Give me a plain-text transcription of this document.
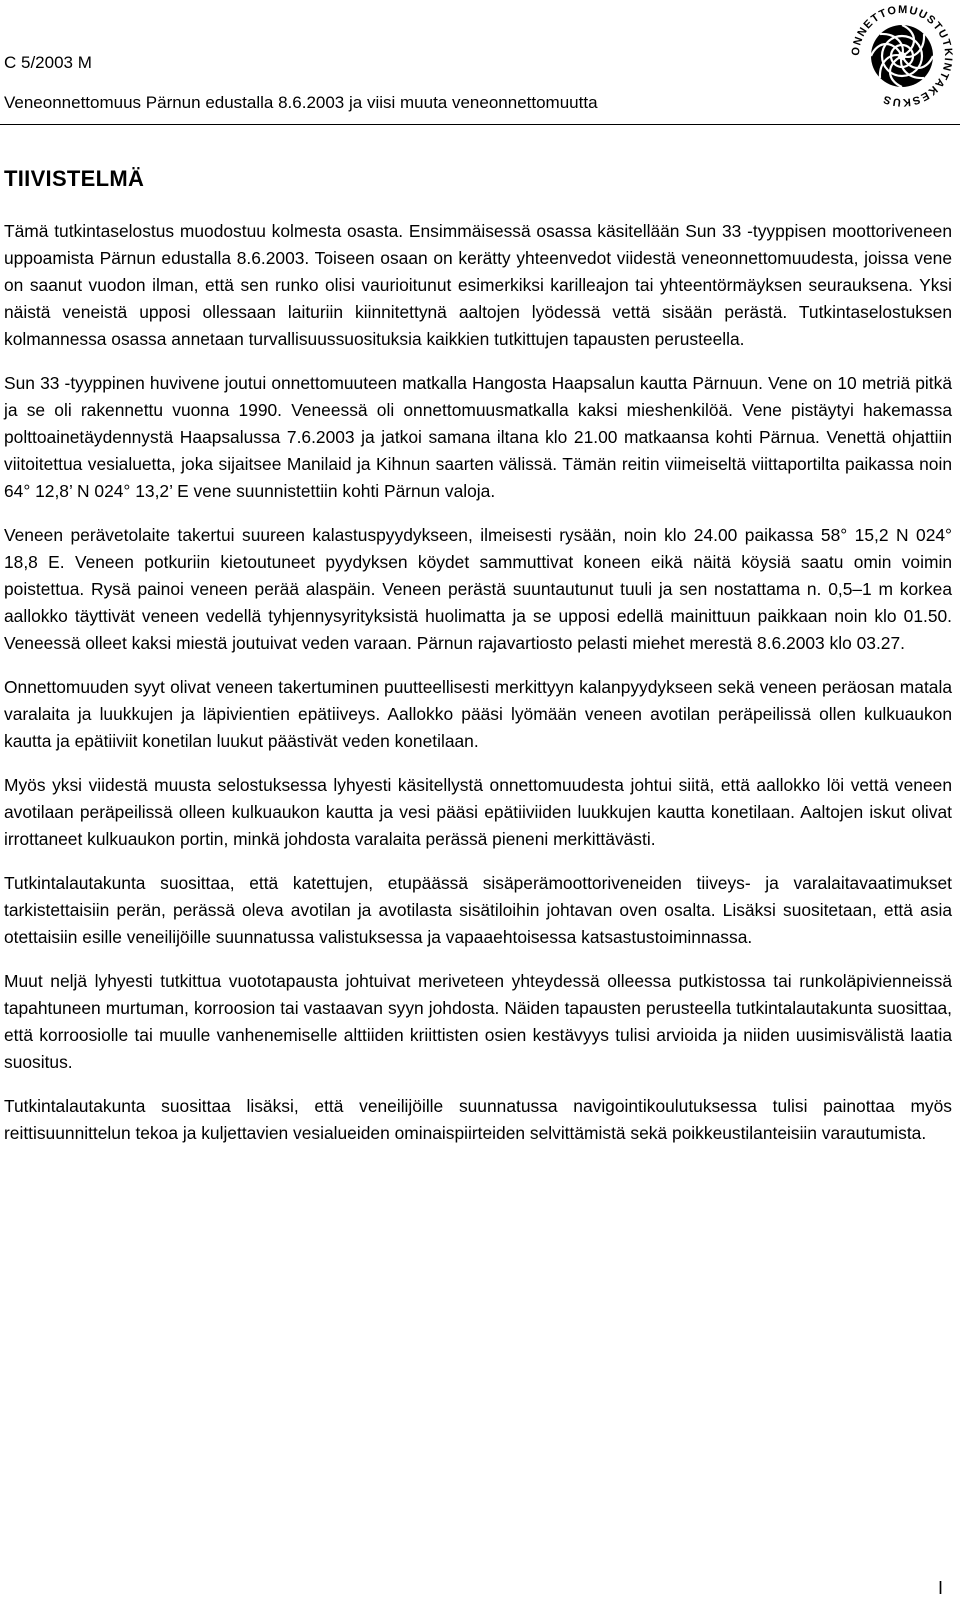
C 5/2003 M

Veneonnettomuus Pärnun edustalla 8.6.2003 ja viisi muuta veneonnettomuutta

ONNETTOMUUSTUTKINTAKESKUS
TIIVISTELMÄ

Tämä tutkintaselostus muodostuu kolmesta osasta. Ensimmäisessä osassa käsitellään Sun 33 -tyyppisen moottoriveneen uppoamista Pärnun edustalla 8.6.2003. Toiseen osaan on kerätty yhteenvedot viidestä veneonnettomuudesta, joissa vene on saanut vuodon ilman, että sen runko olisi vaurioitunut esimerkiksi karilleajon tai yhteentörmäyksen seurauksena. Yksi näistä veneistä upposi ollessaan laituriin kiinnitettynä aaltojen lyödessä vettä sisään perästä. Tutkintaselostuksen kolmannessa osassa annetaan turvallisuussuosituksia kaikkien tutkittujen tapausten perusteella.

Sun 33 -tyyppinen huvivene joutui onnettomuuteen matkalla Hangosta Haapsalun kautta Pärnuun. Vene on 10 metriä pitkä ja se oli rakennettu vuonna 1990. Veneessä oli onnettomuusmatkalla kaksi mieshenkilöä. Vene pistäytyi hakemassa polttoainetäydennystä Haapsalussa 7.6.2003 ja jatkoi samana iltana klo 21.00 matkaansa kohti Pärnua. Venettä ohjattiin viitoitettua vesialuetta, joka sijaitsee Manilaid ja Kihnun saarten välissä. Tämän reitin viimeiseltä viittaportilta paikassa noin 64° 12,8’ N 024° 13,2’ E vene suunnistettiin kohti Pärnun valoja.

Veneen perävetolaite takertui suureen kalastuspyydykseen, ilmeisesti rysään, noin klo 24.00 paikassa 58° 15,2 N 024° 18,8 E. Veneen potkuriin kietoutuneet pyydyksen köydet sammuttivat koneen eikä näitä köysiä saatu omin voimin poistettua. Rysä painoi veneen perää alaspäin. Veneen perästä suuntautunut tuuli ja sen nostattama n. 0,5–1 m korkea aallokko täyttivät veneen vedellä tyhjennysyrityksistä huolimatta ja se upposi edellä mainittuun paikkaan noin klo 01.50. Veneessä olleet kaksi miestä joutuivat veden varaan. Pärnun rajavartiosto pelasti miehet merestä 8.6.2003 klo 03.27.

Onnettomuuden syyt olivat veneen takertuminen puutteellisesti merkittyyn kalanpyydykseen sekä veneen peräosan matala varalaita ja luukkujen ja läpivientien epätiiveys. Aallokko pääsi lyömään veneen avotilan peräpeilissä ollen kulkuaukon kautta ja epätiiviit konetilan luukut päästivät veden konetilaan.

Myös yksi viidestä muusta selostuksessa lyhyesti käsitellystä onnettomuudesta johtui siitä, että aallokko löi vettä veneen avotilaan peräpeilissä olleen kulkuaukon kautta ja vesi pääsi epätiiviiden luukkujen kautta konetilaan. Aaltojen iskut olivat irrottaneet kulkuaukon portin, minkä johdosta varalaita perässä pieneni merkittävästi.

Tutkintalautakunta suosittaa, että katettujen, etupäässä sisäperämoottoriveneiden tiiveys- ja varalaitavaatimukset tarkistettaisiin perän, perässä oleva avotilan ja avotilasta sisätiloihin johtavan oven osalta. Lisäksi suositetaan, että asia otettaisiin esille veneilijöille suunnatussa valistuksessa ja vapaaehtoisessa katsastustoiminnassa.

Muut neljä lyhyesti tutkittua vuototapausta johtuivat meriveteen yhteydessä olleessa putkistossa tai runkoläpivienneissä tapahtuneen murtuman, korroosion tai vastaavan syyn johdosta. Näiden tapausten perusteella tutkintalautakunta suosittaa, että korroosiolle tai muulle vanhenemiselle alttiiden kriittisten osien kestävyys tulisi arvioida ja niiden uusimisvälistä laatia suositus.

Tutkintalautakunta suosittaa lisäksi, että veneilijöille suunnatussa navigointikoulutuksessa tulisi painottaa myös reittisuunnittelun tekoa ja kuljettavien vesialueiden ominaispiirteiden selvittämistä sekä poikkeustilanteisiin varautumista.

I
